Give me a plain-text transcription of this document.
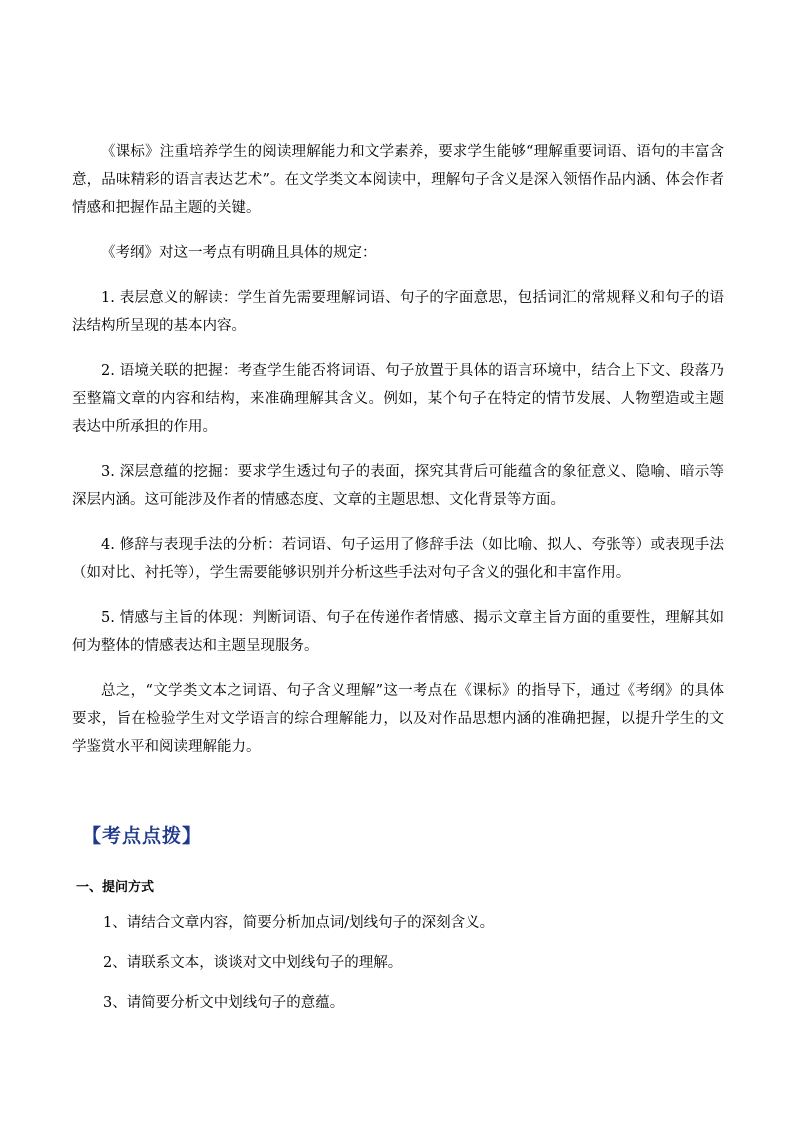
《课标》注重培养学生的阅读理解能力和文学素养，要求学生能够“理解重要词语、语句的丰富含意，品味精彩的语言表达艺术”。在文学类文本阅读中，理解句子含义是深入领悟作品内涵、体会作者情感和把握作品主题的关键。

《考纲》对这一考点有明确且具体的规定：

1. 表层意义的解读：学生首先需要理解词语、句子的字面意思，包括词汇的常规释义和句子的语法结构所呈现的基本内容。

2. 语境关联的把握：考查学生能否将词语、句子放置于具体的语言环境中，结合上下文、段落乃至整篇文章的内容和结构，来准确理解其含义。例如，某个句子在特定的情节发展、人物塑造或主题表达中所承担的作用。

3. 深层意蕴的挖掘：要求学生透过句子的表面，探究其背后可能蕴含的象征意义、隐喻、暗示等深层内涵。这可能涉及作者的情感态度、文章的主题思想、文化背景等方面。

4. 修辞与表现手法的分析：若词语、句子运用了修辞手法（如比喻、拟人、夸张等）或表现手法（如对比、衬托等），学生需要能够识别并分析这些手法对句子含义的强化和丰富作用。

5. 情感与主旨的体现：判断词语、句子在传递作者情感、揭示文章主旨方面的重要性，理解其如何为整体的情感表达和主题呈现服务。

总之，“文学类文本之词语、句子含义理解”这一考点在《课标》的指导下，通过《考纲》的具体要求，旨在检验学生对文学语言的综合理解能力，以及对作品思想内涵的准确把握，以提升学生的文学鉴赏水平和阅读理解能力。

【考点点拨】
一、提问方式
1、请结合文章内容，简要分析加点词/划线句子的深刻含义。
2、请联系文本，谈谈对文中划线句子的理解。
3、请简要分析文中划线句子的意蕴。
